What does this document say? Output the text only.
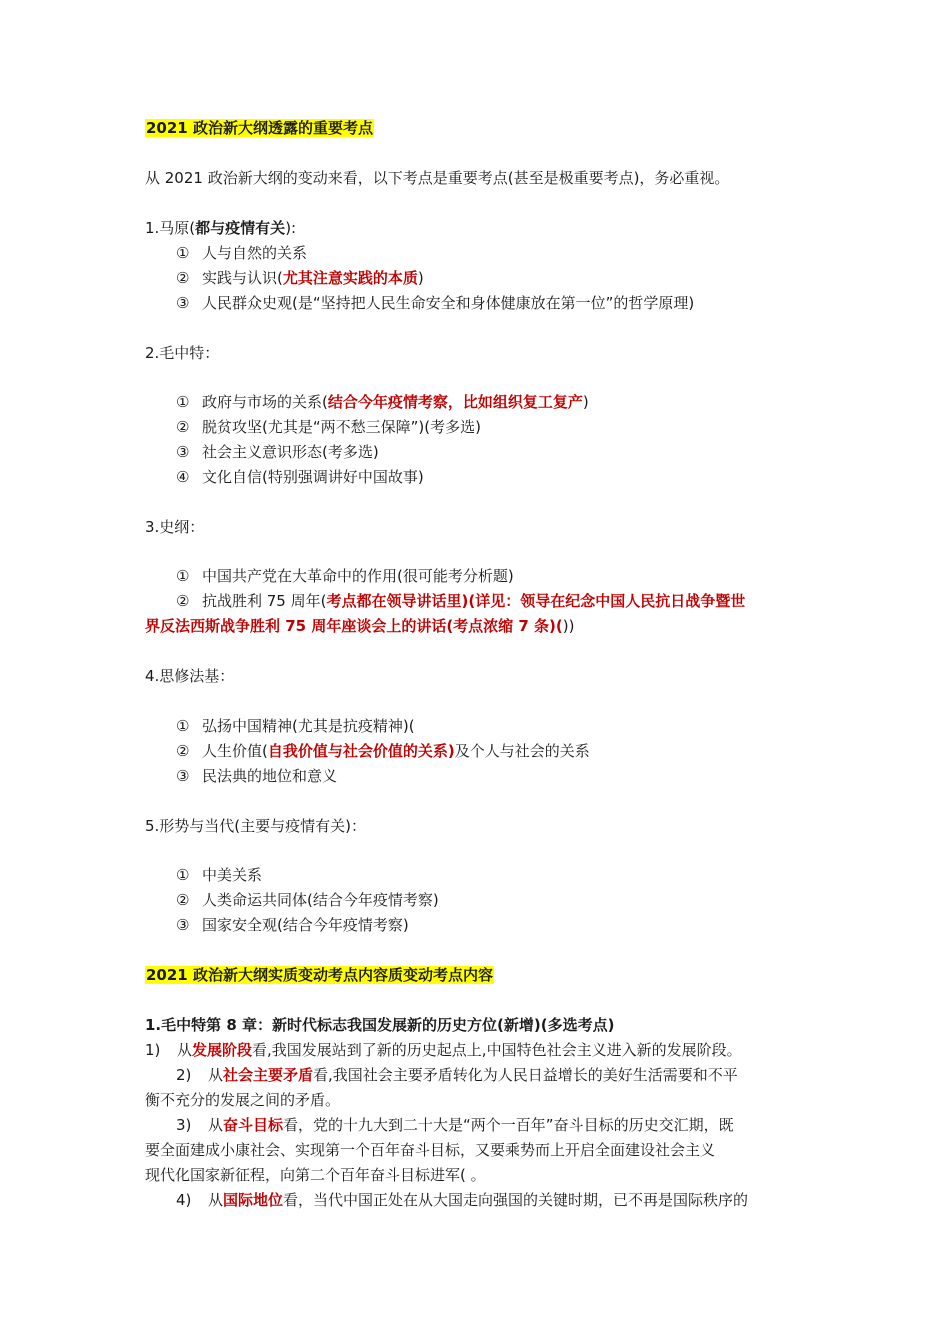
2021 政治新大纲透露的重要考点
从 2021 政治新大纲的变动来看，以下考点是重要考点(甚至是极重要考点)，务必重视。
1.马原(都与疫情有关):
① 人与自然的关系
② 实践与认识(尤其注意实践的本质)
③ 人民群众史观(是“坚持把人民生命安全和身体健康放在第一位”的哲学原理)
2.毛中特：
① 政府与市场的关系(结合今年疫情考察，比如组织复工复产)
② 脱贫攻坚(尤其是“两不愁三保障”)(考多选)
③ 社会主义意识形态(考多选)
④ 文化自信(特别强调讲好中国故事)
3.史纲：
① 中国共产党在大革命中的作用(很可能考分析题)
② 抗战胜利 75 周年(考点都在领导讲话里)(详见：领导在纪念中国人民抗日战争暨世
界反法西斯战争胜利 75 周年座谈会上的讲话(考点浓缩 7 条)())
4.思修法基：
① 弘扬中国精神(尤其是抗疫精神)(
② 人生价值(自我价值与社会价值的关系)及个人与社会的关系
③ 民法典的地位和意义
5.形势与当代(主要与疫情有关)：
① 中美关系
② 人类命运共同体(结合今年疫情考察)
③ 国家安全观(结合今年疫情考察)
2021 政治新大纲实质变动考点内容质变动考点内容
1.毛中特第 8 章：新时代标志我国发展新的历史方位(新增)(多选考点)
1) 从发展阶段看,我国发展站到了新的历史起点上,中国特色社会主义进入新的发展阶段。
2) 从社会主要矛盾看,我国社会主要矛盾转化为人民日益增长的美好生活需要和不平
衡不充分的发展之间的矛盾。
3) 从奋斗目标看，党的十九大到二十大是“两个一百年”奋斗目标的历史交汇期，既
要全面建成小康社会、实现第一个百年奋斗目标，又要乘势而上开启全面建设社会主义
现代化国家新征程，向第二个百年奋斗目标进军( 。
4) 从国际地位看，当代中国正处在从大国走向强国的关键时期，已不再是国际秩序的
